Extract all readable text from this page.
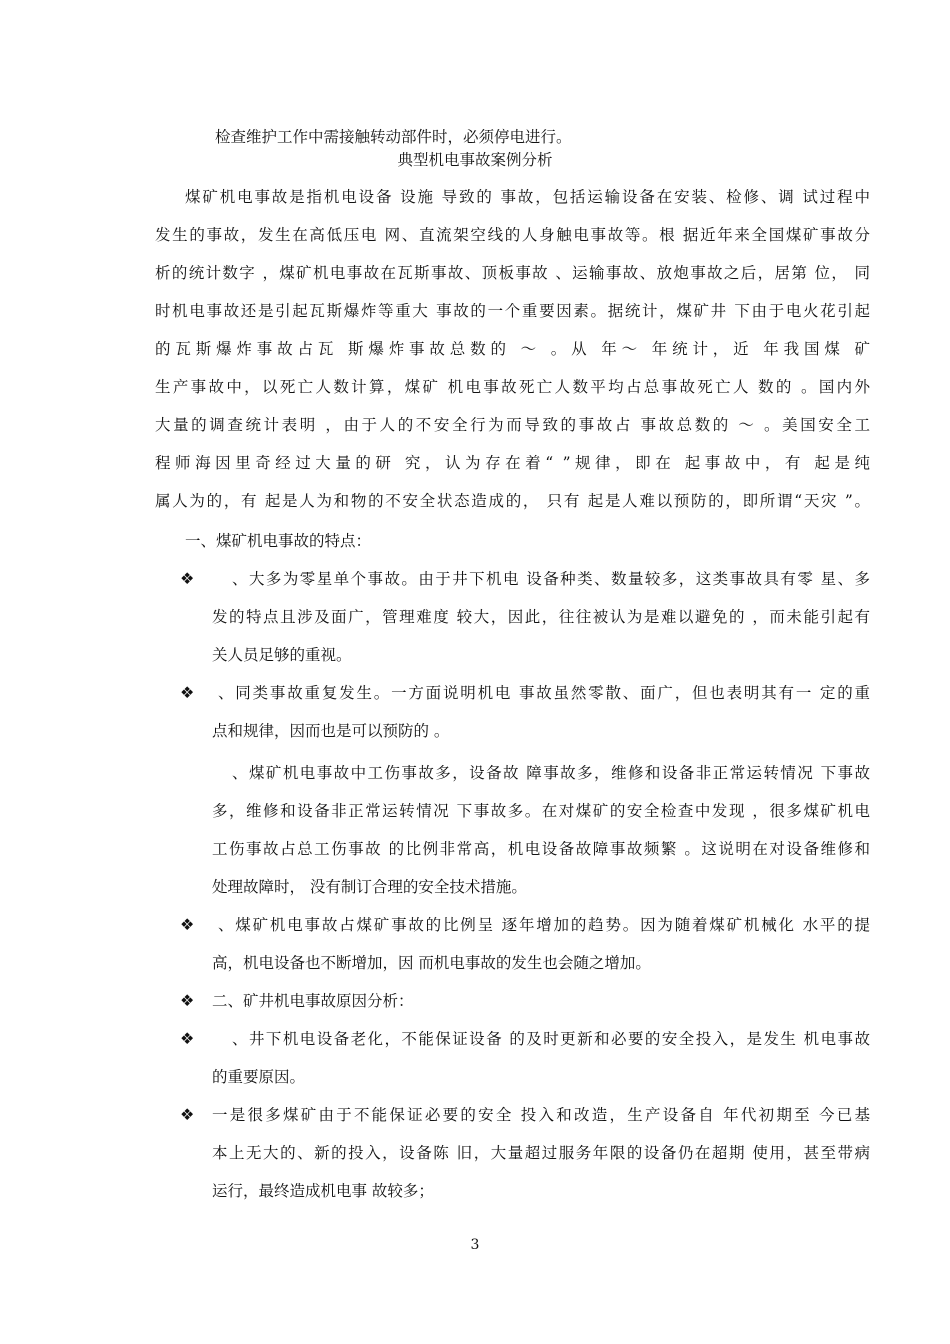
检查维护工作中需接触转动部件时，必须停电进行。
典型机电事故案例分析
煤矿机电事故是指机电设备 设施 导致的 事故，包括运输设备在安装、检修、调 试过程中
发生的事故，发生在高低压电 网、直流架空线的人身触电事故等。根 据近年来全国煤矿事故分
析的统计数字 ，煤矿机电事故在瓦斯事故、顶板事故 、运输事故、放炮事故之后，居第 位， 同
时机电事故还是引起瓦斯爆炸等重大 事故的一个重要因素。据统计，煤矿井 下由于电火花引起
的瓦斯爆炸事故占瓦 斯爆炸事故总数的 ～ 。从 年～ 年统计，近 年我国煤 矿
生产事故中，以死亡人数计算，煤矿 机电事故死亡人数平均占总事故死亡人 数的 。国内外
大量的调查统计表明 ，由于人的不安全行为而导致的事故占 事故总数的 ～ 。美国安全工
程师海因里奇经过大量的研 究，认为存在着“ ”规律，即在 起事故中，有 起是纯
属人为的，有 起是人为和物的不安全状态造成的， 只有 起是人难以预防的，即所谓“天灾 ”。
一、煤矿机电事故的特点：
❖ 、大多为零星单个事故。由于井下机电 设备种类、数量较多，这类事故具有零 星、多
发的特点且涉及面广，管理难度 较大，因此，往往被认为是难以避免的 ，而未能引起有
关人员足够的重视。
❖ 、同类事故重复发生。一方面说明机电 事故虽然零散、面广，但也表明其有一 定的重
点和规律，因而也是可以预防的 。
、煤矿机电事故中工伤事故多，设备故 障事故多，维修和设备非正常运转情况 下事故
多，维修和设备非正常运转情况 下事故多。在对煤矿的安全检查中发现 ，很多煤矿机电
工伤事故占总工伤事故 的比例非常高，机电设备故障事故频繁 。这说明在对设备维修和
处理故障时， 没有制订合理的安全技术措施。
❖ 、煤矿机电事故占煤矿事故的比例呈 逐年增加的趋势。因为随着煤矿机械化 水平的提
高，机电设备也不断增加，因 而机电事故的发生也会随之增加。
❖ 二、矿井机电事故原因分析：
❖ 、井下机电设备老化，不能保证设备 的及时更新和必要的安全投入，是发生 机电事故
的重要原因。
❖ 一是很多煤矿由于不能保证必要的安全 投入和改造，生产设备自 年代初期至 今已基
本上无大的、新的投入，设备陈 旧，大量超过服务年限的设备仍在超期 使用，甚至带病
运行，最终造成机电事 故较多；
3
